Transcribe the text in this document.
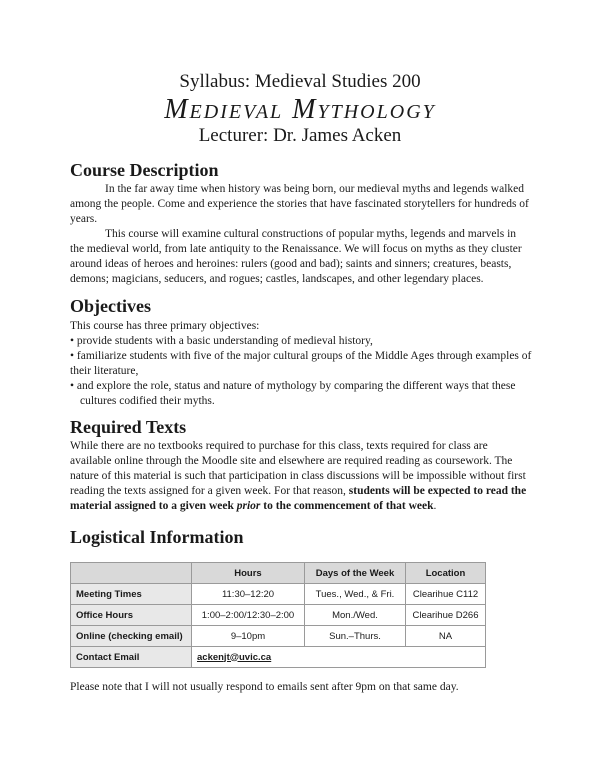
Syllabus: Medieval Studies 200
Medieval Mythology
Lecturer: Dr. James Acken
Course Description
In the far away time when history was being born, our medieval myths and legends walked among the people. Come and experience the stories that have fascinated storytellers for hundreds of years.
This course will examine cultural constructions of popular myths, legends and marvels in the medieval world, from late antiquity to the Renaissance. We will focus on myths as they cluster around ideas of heroes and heroines: rulers (good and bad); saints and sinners; creatures, beasts, demons; magicians, seducers, and rogues; castles, landscapes, and other legendary places.
Objectives
This course has three primary objectives:
• provide students with a basic understanding of medieval history,
• familiarize students with five of the major cultural groups of the Middle Ages through examples of their literature,
• and explore the role, status and nature of mythology by comparing the different ways that these cultures codified their myths.
Required Texts
While there are no textbooks required to purchase for this class, texts required for class are available online through the Moodle site and elsewhere are required reading as coursework. The nature of this material is such that participation in class discussions will be impossible without first reading the texts assigned for a given week. For that reason, students will be expected to read the material assigned to a given week prior to the commencement of that week.
Logistical Information
	Hours	Days of the Week	Location
Meeting Times	11:30–12:20	Tues., Wed., & Fri.	Clearihue C112
Office Hours	1:00–2:00/12:30–2:00	Mon./Wed.	Clearihue D266
Online (checking email)	9–10pm	Sun.–Thurs.	NA
Contact Email	ackenjt@uvic.ca		
Please note that I will not usually respond to emails sent after 9pm on that same day.
